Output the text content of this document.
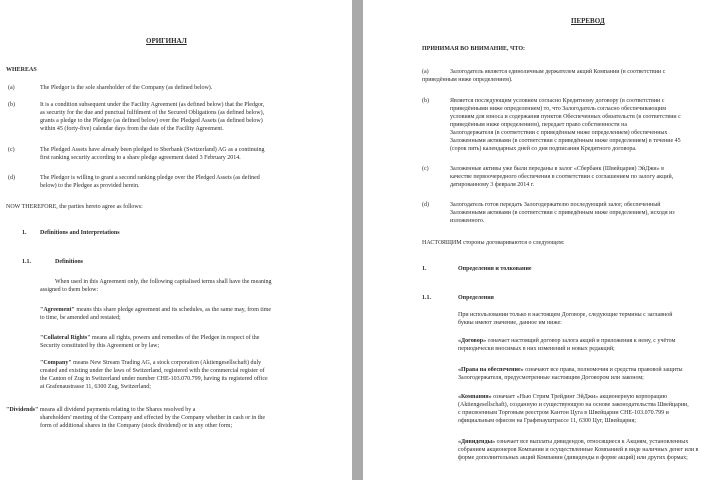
ОРИГИНАЛ
WHEREAS
(a)	The Pledgor is the sole shareholder of the Company (as defined below).
(b)	It is a condition subsequent under the Facility Agreement (as defined below) that the Pledgor,
as security for the due and punctual fulfilment of the Secured Obligations (as defined below),
grants a pledge to the Pledgee (as defined below) over the Pledged Assets (as defined below)
within 45 (forty-five) calendar days from the date of the Facility Agreement.
(c)	The Pledged Assets have already been pledged to Sberbank (Switzerland) AG as a continuing
first ranking security according to a share pledge agreement dated 3 February 2014.
(d)	The Pledgor is willing to grant a second ranking pledge over the Pledged Assets (as defined
below) to the Pledgee as provided herein.
NOW THEREFORE, the parties hereto agree as follows:
1. Definitions and Interpretations
1.1.	Definitions
When used in this Agreement only, the following capitalised terms shall have the meaning
assigned to them below:
"Agreement" means this share pledge agreement and its schedules, as the same may, from time
to time, be amended and restated;
"Collateral Rights" means all rights, powers and remedies of the Pledgee in respect of the
Security constituted by this Agreement or by law;
"Company" means New Stream Trading AG, a stock corporation (Aktiengesellschaft) duly
created and existing under the laws of Switzerland, registered with the commercial register of
the Canton of Zug in Switzerland under number CHE-103.070.799, having its registered office
at Grafenaustrasse 11, 6300 Zug, Switzerland;
"Dividends" means all dividend payments relating to the Shares resolved by a
shareholders' meeting of the Company and effected by the Company whether in cash or in the
form of additional shares in the Company (stock dividend) or in any other form;
ПЕРЕВОД
ПРИНИМАЯ ВО ВНИМАНИЕ, ЧТО:
(a)	Залогодатель является единоличным держателем акций Компании (в соответствии с
приведённым ниже определением).
(b)	Является последующим условием согласно Кредитному договору (в соответствии с
приведёнными ниже определением) то, что Залогодатель согласно обеспечивающим
условиям для взноса и содержания пунктов Обеспеченных обязательств (в соответствии с
приведённым ниже определением), передает право собственности на
Залогодержателя (в соответствии с приведённым ниже определением) обеспеченных
Заложенными активами (в соответствии с приведённым ниже определением) в течение 45
(сорок пять) календарных дней со дня подписания Кредитного договора.
(c)	Заложенные активы уже были переданы в залог «Сбербанк (Швейцария) ЭйДжи» в
качестве первоочередного обеспечения в соответствии с соглашением по залогу акций,
датированному 3 февраля 2014 г.
(d)	Залогодатель готов передать Залогодержателю последующий залог, обеспеченный
Заложенными активами (в соответствии с приведённым ниже определением), исходя из
изложенного.
НАСТОЯЩИМ стороны договариваются о следующем:
1.	Определения и толкование
1.1.	Определения
При использовании только в настоящем Договоре, следующие термины с заглавной
буквы имеют значение, данное им ниже:
«Договор» означает настоящий договор залога акций и приложения к нему, с учётом
периодически вносимых в них изменений и новых редакций;
«Права на обеспечение» означают все права, полномочия и средства правовой защиты
Залогодержателя, предусмотренные настоящим Договором или законом;
«Компания» означает «Нью Стрим Трейдинг ЭйДжи» акционерную корпорацию
(Aktiengesellschaft), созданную и существующую на основе законодательства Швейцарии,
с присвоенным Торговым реестром Кантон Цуга в Швейцарии CHE-103.070.799 и
официальным офисом на Графенауштрассе 11, 6300 Цуг, Швейцария;
«Дивиденды» означает все выплаты дивидендов, относящиеся к Акциям, установленных
собранием акционеров Компании и осуществленные Компанией в виде наличных денег или в
форме дополнительных акций Компании (дивиденды в форме акций) или других формах;
